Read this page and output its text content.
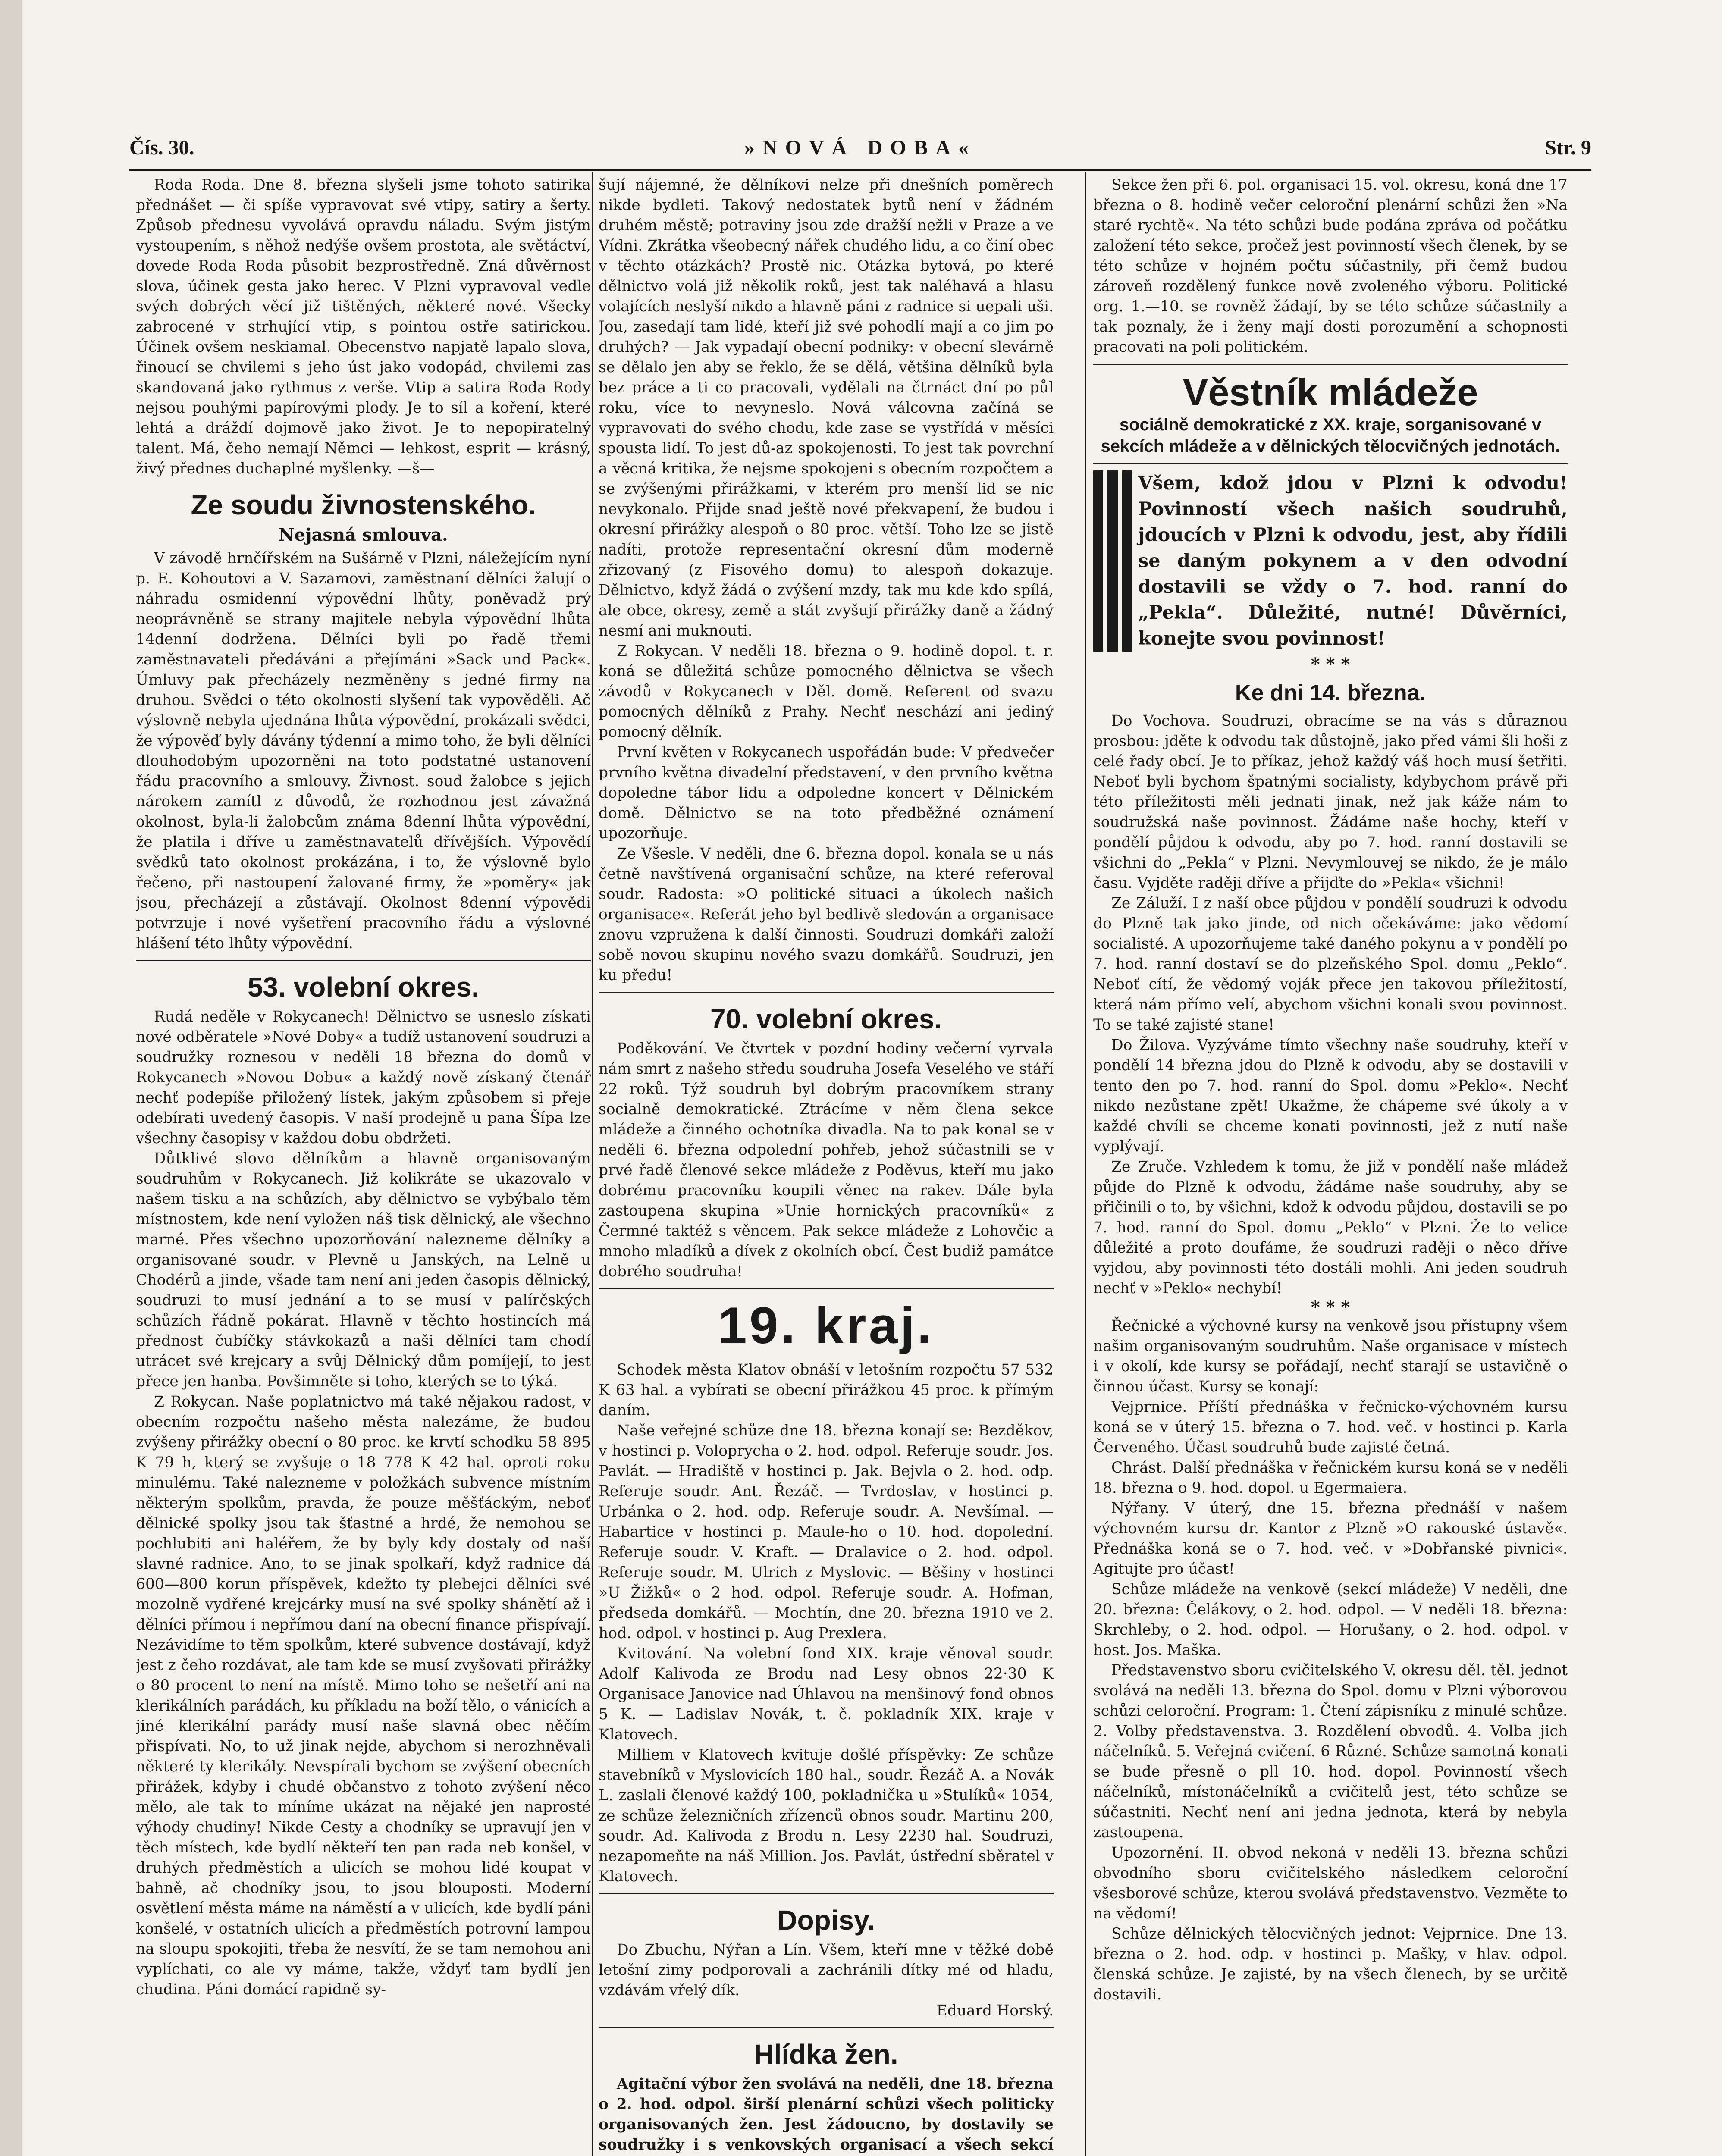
Čís. 30.	»NOVÁ DOBA«	Str. 9

Roda Roda. Dne 8. března slyšeli jsme tohoto satirika přednášet — či spíše vypravovat své vtipy, satiry a šerty. Způsob přednesu vyvolává opravdu náladu. Svým jistým vystoupením, s něhož nedýše ovšem prostota, ale světáctví, dovede Roda Roda působit bezprostředně. Zná důvěrnost slova, účinek gesta jako herec. V Plzni vypravoval vedle svých dobrých věcí již tištěných, některé nové. Všecky zabrocené v strhující vtip, s pointou ostře satirickou. Účinek ovšem neskiamal. Obecenstvo napjatě lapalo slova, řinoucí se chvilemi s jeho úst jako vodopád, chvilemi zas skandovaná jako rythmus z verše. Vtip a satira Roda Rody nejsou pouhými papírovými plody. Je to síl a koření, které lehtá a dráždí dojmově jako život. Je to nepopiratelný talent. Má, čeho nemají Němci — lehkost, esprit — krásný, živý přednes duchaplné myšlenky. —š—

Ze soudu živnostenského.
Nejasná smlouva.

V závodě hrnčířském na Sušárně v Plzni, náležejícím nyní p. E. Kohoutovi a V. Sazamovi, zaměstnaní dělníci žalují o náhradu osmidenní výpovědní lhůty, poněvadž prý neoprávněně se strany majitele nebyla výpovědní lhůta 14denní dodržena. Dělníci byli po řadě třemi zaměstnavateli předáváni a přejímáni »Sack und Pack«. Úmluvy pak přecházely nezměněny s jedné firmy na druhou. Svědci o této okolnosti slyšení tak vypověděli. Ač výslovně nebyla ujednána lhůta výpovědní, prokázali svědci, že výpověď byly dávány týdenní a mimo toho, že byli dělníci dlouhodobým upozorněni na toto podstatné ustanovení řádu pracovního a smlouvy. Živnost. soud žalobce s jejich nárokem zamítl z důvodů, že rozhodnou jest závažná okolnost, byla-li žalobcům známa 8denní lhůta výpovědní, že platila i dříve u zaměstnavatelů dřívějších. Výpovědí svědků tato okolnost prokázána, i to, že výslovně bylo řečeno, při nastoupení žalované firmy, že »poměry« jak jsou, přecházejí a zůstávají. Okolnost 8denní výpovědi potvrzuje i nové vyšetření pracovního řádu a výslovné hlášení této lhůty výpovědní.

53. volební okres.

Rudá neděle v Rokycanech! Dělnictvo se usneslo získati nové odběratele »Nové Doby« a tudíž ustanovení soudruzi a soudružky roznesou v neděli 18 března do domů v Rokycanech »Novou Dobu« a každý nově získaný čtenář nechť podepíše přiložený lístek, jakým způsobem si přeje odebírati uvedený časopis. V naší prodejně u pana Šípa lze všechny časopisy v každou dobu obdržeti.

Důtklivé slovo dělníkům a hlavně organisovaným soudruhům v Rokycanech. Již kolikráte se ukazovalo v našem tisku a na schůzích, aby dělnictvo se vybýbalo těm místnostem, kde není vyložen náš tisk dělnický, ale všechno marné. Přes všechno upozorňování nalezneme dělníky a organisované soudr. v Plevně u Janských, na Lelně u Chodérů a jinde, všade tam není ani jeden časopis dělnický, soudruzi to musí jednání a to se musí v palírčských schůzích řádně pokárat. Hlavně v těchto hostincích má přednost čubíčky stávkokazů a naši dělníci tam chodí utrácet své krejcary a svůj Dělnický dům pomíjejí, to jest přece jen hanba. Povšimněte si toho, kterých se to týká.

Z Rokycan. Naše poplatnictvo má také nějakou radost, v obecním rozpočtu našeho města nalezáme, že budou zvýšeny přirážky obecní o 80 proc. ke krvtí schodku 58 895 K 79 h, který se zvyšuje o 18 778 K 42 hal. oproti roku minulému. Také nalezneme v položkách subvence místním některým spolkům, pravda, že pouze měšťáckým, neboť dělnické spolky jsou tak šťastné a hrdé, že nemohou se pochlubiti ani haléřem, že by byly kdy dostaly od naší slavné radnice. Ano, to se jinak spolkaří, když radnice dá 600—800 korun příspěvek, kdežto ty plebejci dělníci své mozolně vydřené krejcárky musí na své spolky shánětí až i dělníci přímou i nepřímou daní na obecní finance přispívají. Nezávidíme to těm spolkům, které subvence dostávají, když jest z čeho rozdávat, ale tam kde se musí zvyšovati přirážky o 80 procent to není na místě. Mimo toho se nešetří ani na klerikálních parádách, ku příkladu na boží tělo, o vánicích a jiné klerikální parády musí naše slavná obec něčím přispívati. No, to už jinak nejde, abychom si nerozhněvali některé ty klerikály. Nevspírali bychom se zvýšení obecních přirážek, kdyby i chudé občanstvo z tohoto zvýšení něco mělo, ale tak to míníme ukázat na nějaké jen naprosté výhody chudiny! Nikde Cesty a chodníky se upravují jen v těch místech, kde bydlí někteří ten pan rada neb konšel, v druhých předměstích a ulicích se mohou lidé koupat v bahně, ač chodníky jsou, to jsou blouposti. Moderní osvětlení města máme na náměstí a v ulicích, kde bydlí páni konšelé, v ostatních ulicích a předměstích potrovní lampou na sloupu spokojiti, třeba že nesvítí, že se tam nemohou ani vyplíchati, co ale vy máme, takže, vždyť tam bydlí jen chudina. Páni domácí rapidně sy-

šují nájemné, že dělníkovi nelze při dnešních poměrech nikde bydleti. Takový nedostatek bytů není v žádném druhém městě; potraviny jsou zde dražší nežli v Praze a ve Vídni. Zkrátka všeobecný nářek chudého lidu, a co činí obec v těchto otázkách? Prostě nic. Otázka bytová, po které dělnictvo volá již několik roků, jest tak naléhavá a hlasu volajících neslyší nikdo a hlavně páni z radnice si uepali uši. Jou, zasedají tam lidé, kteří již své pohodlí mají a co jim po druhých? — Jak vypadají obecní podniky: v obecní slevárně se dělalo jen aby se řeklo, že se dělá, většina dělníků byla bez práce a ti co pracovali, vydělali na čtrnáct dní po půl roku, více to nevyneslo. Nová válcovna začíná se vypravovati do svého chodu, kde zase se vystřídá v měsíci spousta lidí. To jest dů-az spokojenosti. To jest tak povrchní a věcná kritika, že nejsme spokojeni s obecním rozpočtem a se zvýšenými přirážkami, v kterém pro menší lid se nic nevykonalo. Přijde snad ještě nové překvapení, že budou i okresní přirážky alespoň o 80 proc. větší. Toho lze se jistě nadíti, protože representační okresní dům moderně zřizovaný (z Fisového domu) to alespoň dokazuje. Dělnictvo, když žádá o zvýšení mzdy, tak mu kde kdo spílá, ale obce, okresy, země a stát zvyšují přirážky daně a žádný nesmí ani muknouti.

Z Rokycan. V neděli 18. března o 9. hodině dopol. t. r. koná se důležitá schůze pomocného dělnictva se všech závodů v Rokycanech v Děl. domě. Referent od svazu pomocných dělníků z Prahy. Nechť neschází ani jediný pomocný dělník.

První květen v Rokycanech uspořádán bude: V předvečer prvního května divadelní představení, v den prvního května dopoledne tábor lidu a odpoledne koncert v Dělnickém domě. Dělnictvo se na toto předběžné oznámení upozorňuje.

Ze Všesle. V neděli, dne 6. března dopol. konala se u nás četně navštívená organisační schůze, na které referoval soudr. Radosta: »O politické situaci a úkolech našich organisace«. Referát jeho byl bedlivě sledován a organisace znovu vzpružena k další činnosti. Soudruzi domkáři založí sobě novou skupinu nového svazu domkářů. Soudruzi, jen ku předu!

70. volební okres.

Poděkování. Ve čtvrtek v pozdní hodiny večerní vyrvala nám smrt z našeho středu soudruha Josefa Veselého ve stáří 22 roků. Týž soudruh byl dobrým pracovníkem strany socialně demokratické. Ztrácíme v něm člena sekce mládeže a činného ochotníka divadla. Na to pak konal se v neděli 6. března odpolední pohřeb, jehož súčastnili se v prvé řadě členové sekce mládeže z Poděvus, kteří mu jako dobrému pracovníku koupili věnec na rakev. Dále byla zastoupena skupina »Unie hornických pracovníků« z Čermné taktéž s věncem. Pak sekce mládeže z Lohovčic a mnoho mladíků a dívek z okolních obcí. Čest budiž památce dobrého soudruha!

19. kraj.

Schodek města Klatov obnáší v letošním rozpočtu 57 532 K 63 hal. a vybírati se obecní přirážkou 45 proc. k přímým daním.

Naše veřejné schůze dne 18. března konají se: Bezděkov, v hostinci p. Voloprycha o 2. hod. odpol. Referuje soudr. Jos. Pavlát. — Hradiště v hostinci p. Jak. Bejvla o 2. hod. odp. Referuje soudr. Ant. Řezáč. — Tvrdoslav, v hostinci p. Urbánka o 2. hod. odp. Referuje soudr. A. Nevšímal. — Habartice v hostinci p. Maule-ho o 10. hod. dopolední. Referuje soudr. V. Kraft. — Dralavice o 2. hod. odpol. Referuje soudr. M. Ulrich z Myslovic. — Běšiny v hostinci »U Žižků« o 2 hod. odpol. Referuje soudr. A. Hofman, předseda domkářů. — Mochtín, dne 20. března 1910 ve 2. hod. odpol. v hostinci p. Aug Prexlera.

Kvitování. Na volební fond XIX. kraje věnoval soudr. Adolf Kalivoda ze Brodu nad Lesy obnos 22·30 K Organisace Janovice nad Úhlavou na menšinový fond obnos 5 K. — Ladislav Novák, t. č. pokladník XIX. kraje v Klatovech.

Milliem v Klatovech kvituje došlé příspěvky: Ze schůze stavebníků v Myslovicích 180 hal., soudr. Řezáč A. a Novák L. zaslali členové každý 100, pokladnička u »Stulíků« 1054, ze schůze železničních zřízenců obnos soudr. Martinu 200, soudr. Ad. Kalivoda z Brodu n. Lesy 2230 hal. Soudruzi, nezapomeňte na náš Million. Jos. Pavlát, ústřední sběratel v Klatovech.

Dopisy.

Do Zbuchu, Nýřan a Lín. Všem, kteří mne v těžké době letošní zimy podporovali a zachránili dítky mé od hladu, vzdávám vřelý dík.

Eduard Horský.
Hlídka žen.

Agitační výbor žen svolává na neděli, dne 18. března o 2. hod. odpol. širší plenární schůzi všech politicky organisovaných žen. Jest žádoucno, by dostavily se soudružky i s venkovských organisací a všech sekcí

Sekce žen při 6. pol. organisaci 15. vol. okresu, koná dne 17 března o 8. hodině večer celoroční plenární schůzi žen »Na staré rychtě«. Na této schůzi bude podána zpráva od počátku založení této sekce, pročež jest povinností všech členek, by se této schůze v hojném počtu súčastnily, při čemž budou zároveň rozdělený funkce nově zvoleného výboru. Politické org. 1.—10. se rovněž žádají, by se této schůze súčastnily a tak poznaly, že i ženy mají dosti porozumění a schopnosti pracovati na poli politickém.

Věstník mládeže
sociálně demokratické z XX. kraje, sorganisované v sekcích mládeže a v dělnických tělocvičných jednotách.
Všem, kdož jdou v Plzni k odvodu! Povinností všech našich soudruhů, jdoucích v Plzni k odvodu, jest, aby řídili se daným pokynem a v den odvodní dostavili se vždy o 7. hod. ranní do „Pekla“. Důležité, nutné! Důvěrníci, konejte svou povinnost!
* * *
Ke dni 14. března.

Do Vochova. Soudruzi, obracíme se na vás s důraznou prosbou: jděte k odvodu tak důstojně, jako před vámi šli hoši z celé řady obcí. Je to příkaz, jehož každý váš hoch musí šetřiti. Neboť byli bychom špatnými socialisty, kdybychom právě při této příležitosti měli jednati jinak, než jak káže nám to soudružská naše povinnost. Žádáme naše hochy, kteří v pondělí půjdou k odvodu, aby po 7. hod. ranní dostavili se všichni do „Pekla“ v Plzni. Nevymlouvej se nikdo, že je málo času. Vyjděte raději dříve a přijďte do »Pekla« všichni!

Ze Záluží. I z naší obce půjdou v pondělí soudruzi k odvodu do Plzně tak jako jinde, od nich očekáváme: jako vědomí socialisté. A upozorňujeme také daného pokynu a v pondělí po 7. hod. ranní dostaví se do plzeňského Spol. domu „Peklo“. Neboť cítí, že vědomý voják přece jen takovou příležitostí, která nám přímo velí, abychom všichni konali svou povinnost. To se také zajisté stane!

Do Žilova. Vyzýváme tímto všechny naše soudruhy, kteří v pondělí 14 března jdou do Plzně k odvodu, aby se dostavili v tento den po 7. hod. ranní do Spol. domu »Peklo«. Nechť nikdo nezůstane zpět! Ukažme, že chápeme své úkoly a v každé chvíli se chceme konati povinnosti, jež z nutí naše vyplývají.

Ze Zruče. Vzhledem k tomu, že již v pondělí naše mládež půjde do Plzně k odvodu, žádáme naše soudruhy, aby se přičinili o to, by všichni, kdož k odvodu půjdou, dostavili se po 7. hod. ranní do Spol. domu „Peklo“ v Plzni. Že to velice důležité a proto doufáme, že soudruzi raději o něco dříve vyjdou, aby povinnosti této dostáli mohli. Ani jeden soudruh nechť v »Peklo« nechybí!

* * *

Řečnické a výchovné kursy na venkově jsou přístupny všem našim organisovaným soudruhům. Naše organisace v místech i v okolí, kde kursy se pořádají, nechť starají se ustavičně o činnou účast. Kursy se konají:

Vejprnice. Příští přednáška v řečnicko-výchovném kursu koná se v úterý 15. března o 7. hod. več. v hostinci p. Karla Červeného. Účast soudruhů bude zajisté četná.

Chrást. Další přednáška v řečnickém kursu koná se v neděli 18. března o 9. hod. dopol. u Egermaiera.

Nýřany. V úterý, dne 15. března přednáší v našem výchovném kursu dr. Kantor z Plzně »O rakouské ústavě«. Přednáška koná se o 7. hod. več. v »Dobřanské pivnici«. Agitujte pro účast!

Schůze mládeže na venkově (sekcí mládeže) V neděli, dne 20. března: Čelákovy, o 2. hod. odpol. — V neděli 18. března: Skrchleby, o 2. hod. odpol. — Horušany, o 2. hod. odpol. v host. Jos. Maška.

Představenstvo sboru cvičitelského V. okresu děl. těl. jednot svolává na neděli 13. března do Spol. domu v Plzni výborovou schůzi celoroční. Program: 1. Čtení zápisníku z minulé schůze. 2. Volby představenstva. 3. Rozdělení obvodů. 4. Volba jich náčelníků. 5. Veřejná cvičení. 6 Různé. Schůze samotná konati se bude přesně o pll 10. hod. dopol. Povinností všech náčelníků, místonáčelníků a cvičitelů jest, této schůze se súčastniti. Nechť není ani jedna jednota, která by nebyla zastoupena.

Upozornění. II. obvod nekoná v neděli 13. března schůzi obvodního sboru cvičitelského následkem celoroční všesborové schůze, kterou svolává představenstvo. Vezměte to na vědomí!

Schůze dělnických tělocvičných jednot: Vejprnice. Dne 13. března o 2. hod. odp. v hostinci p. Mašky, v hlav. odpol. členská schůze. Je zajisté, by na všech členech, by se určitě dostavili.
